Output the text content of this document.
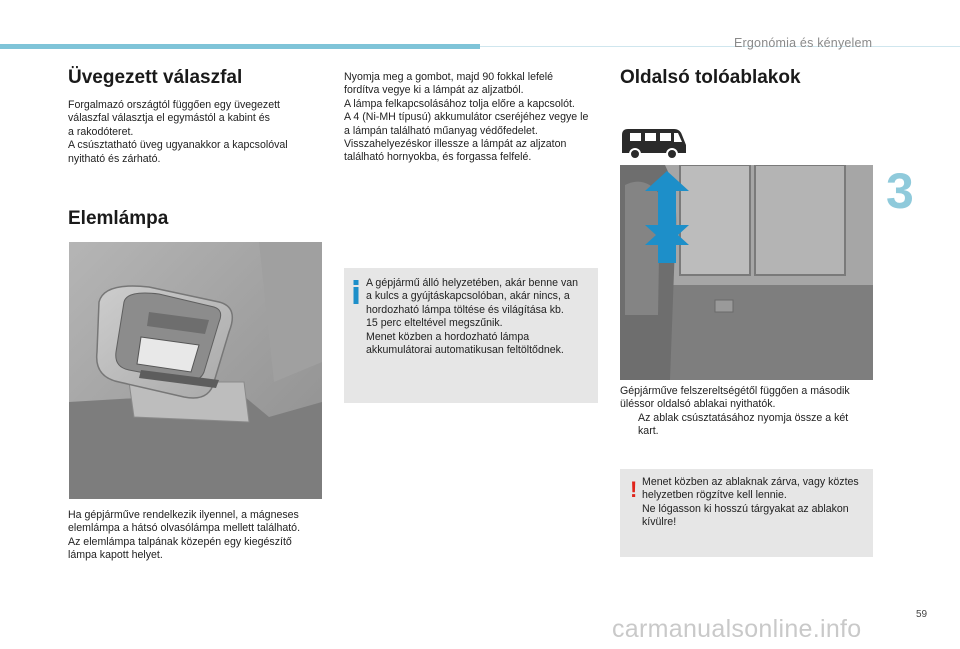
Ergonómia és kényelem
3
Üvegezett válaszfal
Forgalmazó országtól függően egy üvegezett
válaszfal választja el egymástól a kabint és
a rakodóteret.
A csúsztatható üveg ugyanakkor a kapcsolóval
nyitható és zárható.
Elemlámpa
Ha gépjárműve rendelkezik ilyennel, a mágneses
elemlámpa a hátsó olvasólámpa mellett található.
Az elemlámpa talpának közepén egy kiegészítő
lámpa kapott helyet.
Nyomja meg a gombot, majd 90 fokkal lefelé
fordítva vegye ki a lámpát az aljzatból.
A lámpa felkapcsolásához tolja előre a kapcsolót.
A 4 (Ni-MH típusú) akkumulátor cseréjéhez vegye le
a lámpán található műanyag védőfedelet.
Visszahelyezéskor illessze a lámpát az aljzaton
található hornyokba, és forgassa felfelé.
A gépjármű álló helyzetében, akár benne van
a kulcs a gyújtáskapcsolóban, akár nincs, a
hordozható lámpa töltése és világítása kb.
15 perc elteltével megszűnik.
Menet közben a hordozható lámpa
akkumulátorai automatikusan feltöltődnek.
Oldalsó tolóablakok
Gépjárműve felszereltségétől függően a második
üléssor oldalsó ablakai nyithatók.
Az ablak csúsztatásához nyomja össze a két
kart.
! Menet közben az ablaknak zárva, vagy köztes
helyzetben rögzítve kell lennie.
Ne lógasson ki hosszú tárgyakat az ablakon
kívülre!
59
carmanualsonline.info
